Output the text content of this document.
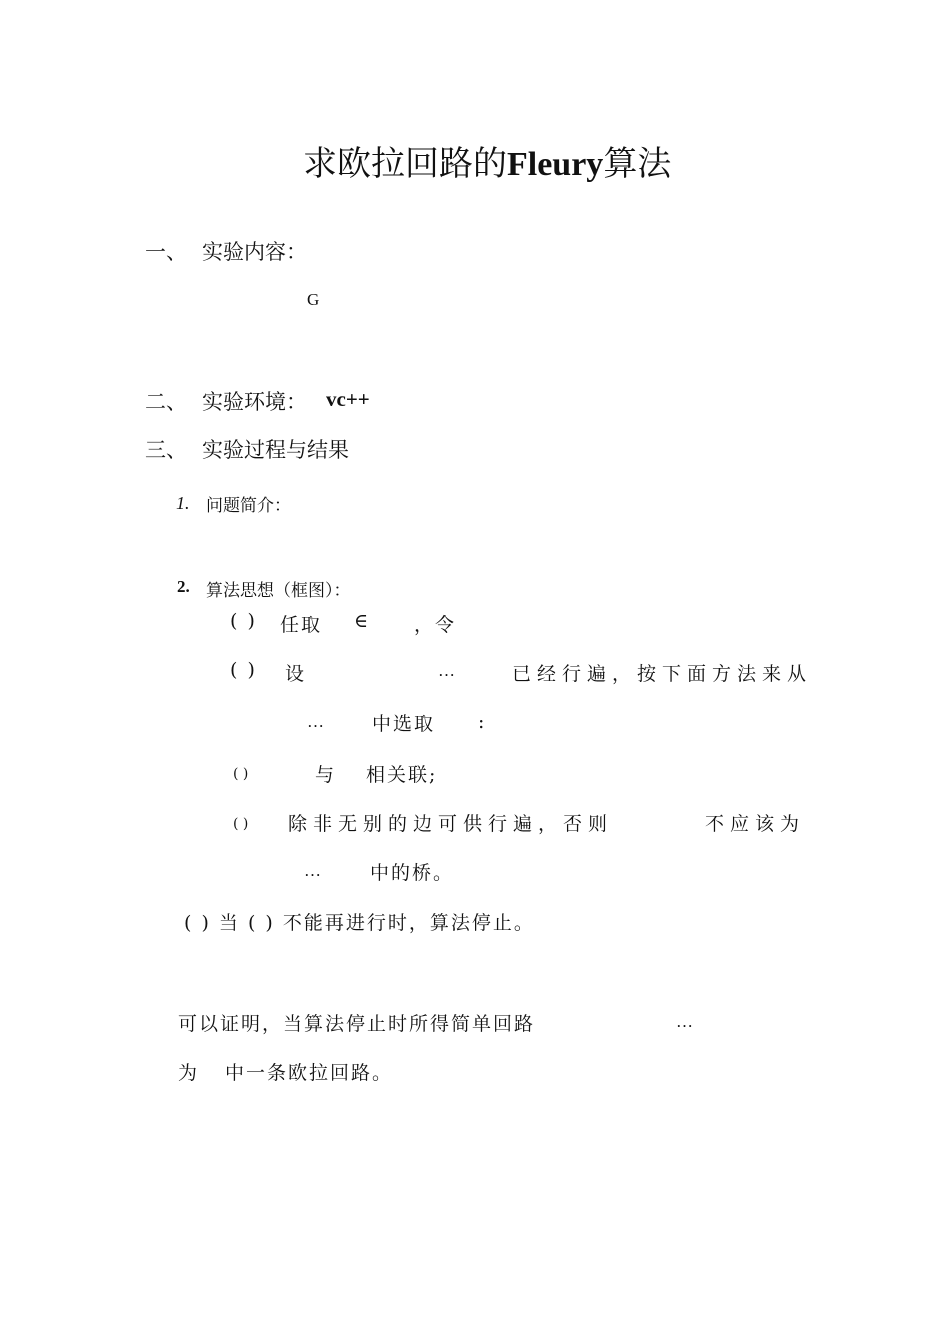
求欧拉回路的Fleury算法
一、 实验内容：
G
二、 实验环境： vc++
三、 实验过程与结果
1. 问题简介：
2. 算法思想（框图）：
( ) 任取 ∈ ，令
( ) 设	…	已经行遍，按下面方法来从
…	中选取 :
( )	与 相关联;
( ) 除非无别的边可供行遍，否则	不应该为
…	中的桥。
( ) 当 ( ) 不能再进行时，算法停止。
可以证明，当算法停止时所得简单回路	…
为 中一条欧拉回路。
